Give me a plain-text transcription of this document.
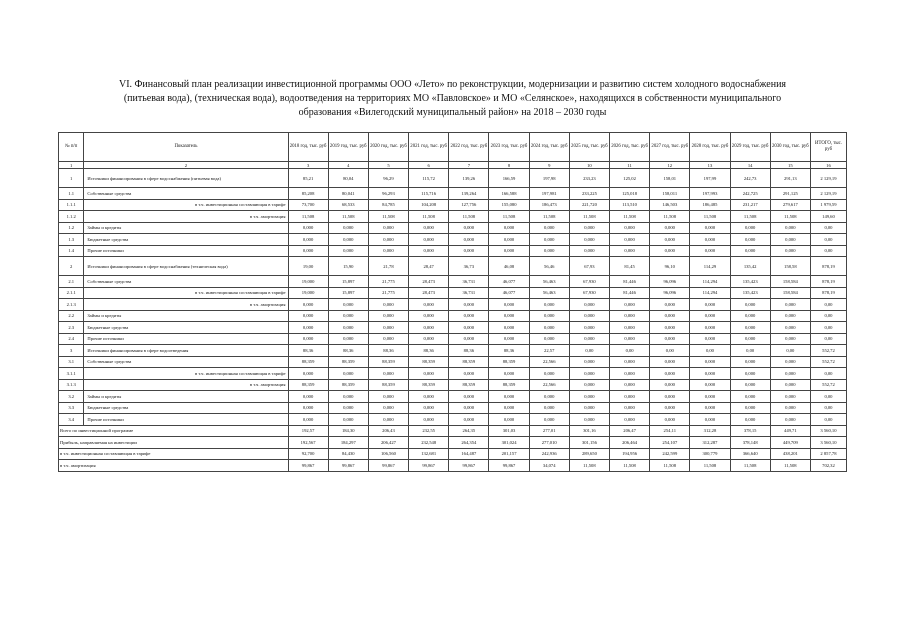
VI. Финансовый план реализации инвестиционной программы ООО «Лето» по реконструкции, модернизации и развитию систем холодного водоснабжения
(питьевая вода), (техническая вода), водоотведения на территориях МО «Павловское» и МО «Селянское», находящихся в собственности муниципального
образования «Вилегодский муниципальный район» на 2018 – 2030 годы
№ п/п	Показатель	2018 год, тыс. руб	2019 год, тыс. руб	2020 год, тыс. руб	2021 год, тыс. руб	2022 год, тыс. руб	2023 год, тыс. руб	2024 год, тыс. руб	2025 год, тыс. руб	2026 год, тыс. руб	2027 год, тыс. руб	2028 год, тыс. руб	2029 год, тыс. руб	2030 год, тыс. руб	ИТОГО, тыс. руб
1	2	3	4	5	6	7	8	9	10	11	12	13	14	15	16
1	Источники финансирования в сфере водоснабжения (питьевая вода)	85,21	80,04	96,29	115,72	139,26	166,59	197,98	233,23	125,02	158,01	197,99	242,73	291,13	2 129,19
1.1	Собственные средства	85,208	80,041	96,293	115,716	139,264	166,588	197,981	233,225	125,018	158,011	197,993	242,725	291,125	2 129,19
1.1.1	в т.ч. инвестиционная составляющая в тарифе	73,700	68,533	84,785	104,208	127,756	155,080	186,473	221,720	113,510	146,503	186,485	231,217	279,617	1 979,59
1.1.2	в т.ч. амортизация	11,508	11,508	11,508	11,508	11,508	11,508	11,508	11,508	11,508	11,508	11,508	11,508	11,508	149,60
1.2	Займы и кредиты	0,000	0,000	0,000	0,000	0,000	0,000	0,000	0,000	0,000	0,000	0,000	0,000	0,000	0,00
1.3	Бюджетные средства	0,000	0,000	0,000	0,000	0,000	0,000	0,000	0,000	0,000	0,000	0,000	0,000	0,000	0,00
1.4	Прочие источники	0,000	0,000	0,000	0,000	0,000	0,000	0,000	0,000	0,000	0,000	0,000	0,000	0,000	0,00
2	Источники финансирования в сфере водоснабжения (техническая вода)	19,00	15,90	21,78	28,47	36,73	46,08	56,46	67,93	81,45	96,10	114,29	135,42	158,58	878,19
2.1	Собственные средства	19,000	15,897	21,775	28,473	36,731	46,077	56,463	67,930	81,446	96,096	114,294	135,423	158,584	878,19
2.1.1	в т.ч. инвестиционная составляющая в тарифе	19,000	15,897	21,775	28,473	36,731	46,077	56,463	67,930	81,446	96,096	114,294	135,423	158,584	878,19
2.1.3	в т.ч. амортизация	0,000	0,000	0,000	0,000	0,000	0,000	0,000	0,000	0,000	0,000	0,000	0,000	0,000	0,00
2.2	Займы и кредиты	0,000	0,000	0,000	0,000	0,000	0,000	0,000	0,000	0,000	0,000	0,000	0,000	0,000	0,00
2.3	Бюджетные средства	0,000	0,000	0,000	0,000	0,000	0,000	0,000	0,000	0,000	0,000	0,000	0,000	0,000	0,00
2.4	Прочие источники	0,000	0,000	0,000	0,000	0,000	0,000	0,000	0,000	0,000	0,000	0,000	0,000	0,000	0,00
3	Источники финансирования в сфере водоотведения	88,36	88,36	88,36	88,36	88,36	88,36	22,57	0,00	0,00	0,00	0,00	0,00	0,00	552,72
3.1	Собственные средства	88,359	88,359	88,359	88,359	88,359	88,359	22,566	0,000	0,000	0,000	0,000	0,000	0,000	552,72
3.1.1	в т.ч. инвестиционная составляющая в тарифе	0,000	0,000	0,000	0,000	0,000	0,000	0,000	0,000	0,000	0,000	0,000	0,000	0,000	0,00
3.1.3	в т.ч. амортизация	88,359	88,359	88,359	88,359	88,359	88,359	22,566	0,000	0,000	0,000	0,000	0,000	0,000	552,72
3.2	Займы и кредиты	0,000	0,000	0,000	0,000	0,000	0,000	0,000	0,000	0,000	0,000	0,000	0,000	0,000	0,00
3.3	Бюджетные средства	0,000	0,000	0,000	0,000	0,000	0,000	0,000	0,000	0,000	0,000	0,000	0,000	0,000	0,00
3.4	Прочие источники	0,000	0,000	0,000	0,000	0,000	0,000	0,000	0,000	0,000	0,000	0,000	0,000	0,000	0,00
Всего по инвестиционной программе		192,57	184,30	206,43	232,55	264,35	301,03	277,01	301,16	206,47	254,11	312,28	378,15	449,71	3 560,10
Прибыль, направляемая на инвестиции		192,567	184,297	206,427	232,548	264,354	301,024	277,010	301,156	206,464	254,107	312,287	378,148	449,709	3 560,10
в т.ч. инвестиционная составляющая в тарифе		92,700	84,430	106,560	132,681	164,487	201,157	242,936	289,650	194,956	242,599	300,779	366,640	438,201	2 857,78
в т.ч. амортизация		99,867	99,867	99,867	99,867	99,867	99,867	34,074	11,508	11,508	11,508	11,508	11,508	11,508	702,32
